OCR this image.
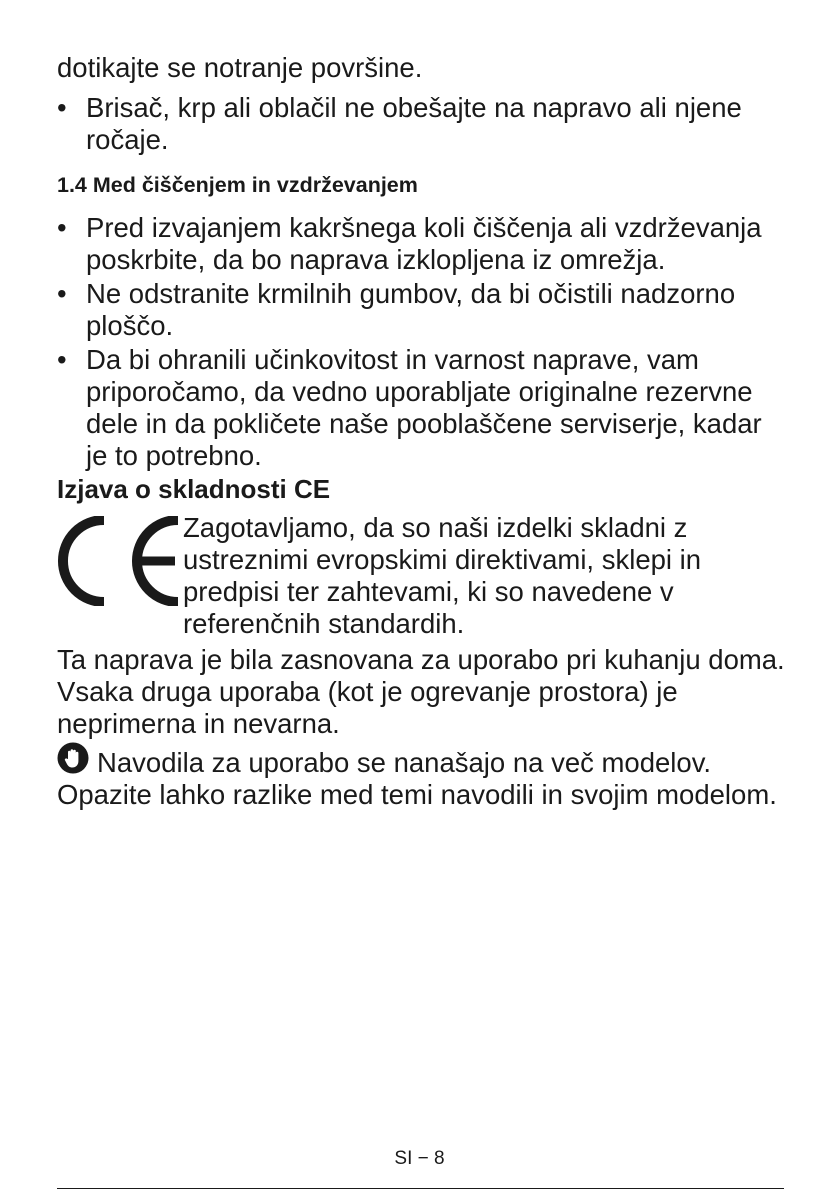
dotikajte se notranje površine.

• Brisač, krp ali oblačil ne obešajte na napravo ali njene ročaje.

1.4 Med čiščenjem in vzdrževanjem
• Pred izvajanjem kakršnega koli čiščenja ali vzdrževanja poskrbite, da bo naprava izklopljena iz omrežja.

• Ne odstranite krmilnih gumbov, da bi očistili nadzorno ploščo.

• Da bi ohranili učinkovitost in varnost naprave, vam priporočamo, da vedno uporabljate originalne rezervne dele in da pokličete naše pooblaščene serviserje, kadar je to potrebno.

Izjava o skladnosti CE

Zagotavljamo, da so naši izdelki skladni z ustreznimi evropskimi direktivami, sklepi in predpisi ter zahtevami, ki so navedene v referenčnih standardih.

Ta naprava je bila zasnovana za uporabo pri kuhanju doma. Vsaka druga uporaba (kot je ogrevanje prostora) je neprimerna in nevarna.

Navodila za uporabo se nanašajo na več modelov. Opazite lahko razlike med temi navodili in svojim modelom.

SI − 8
